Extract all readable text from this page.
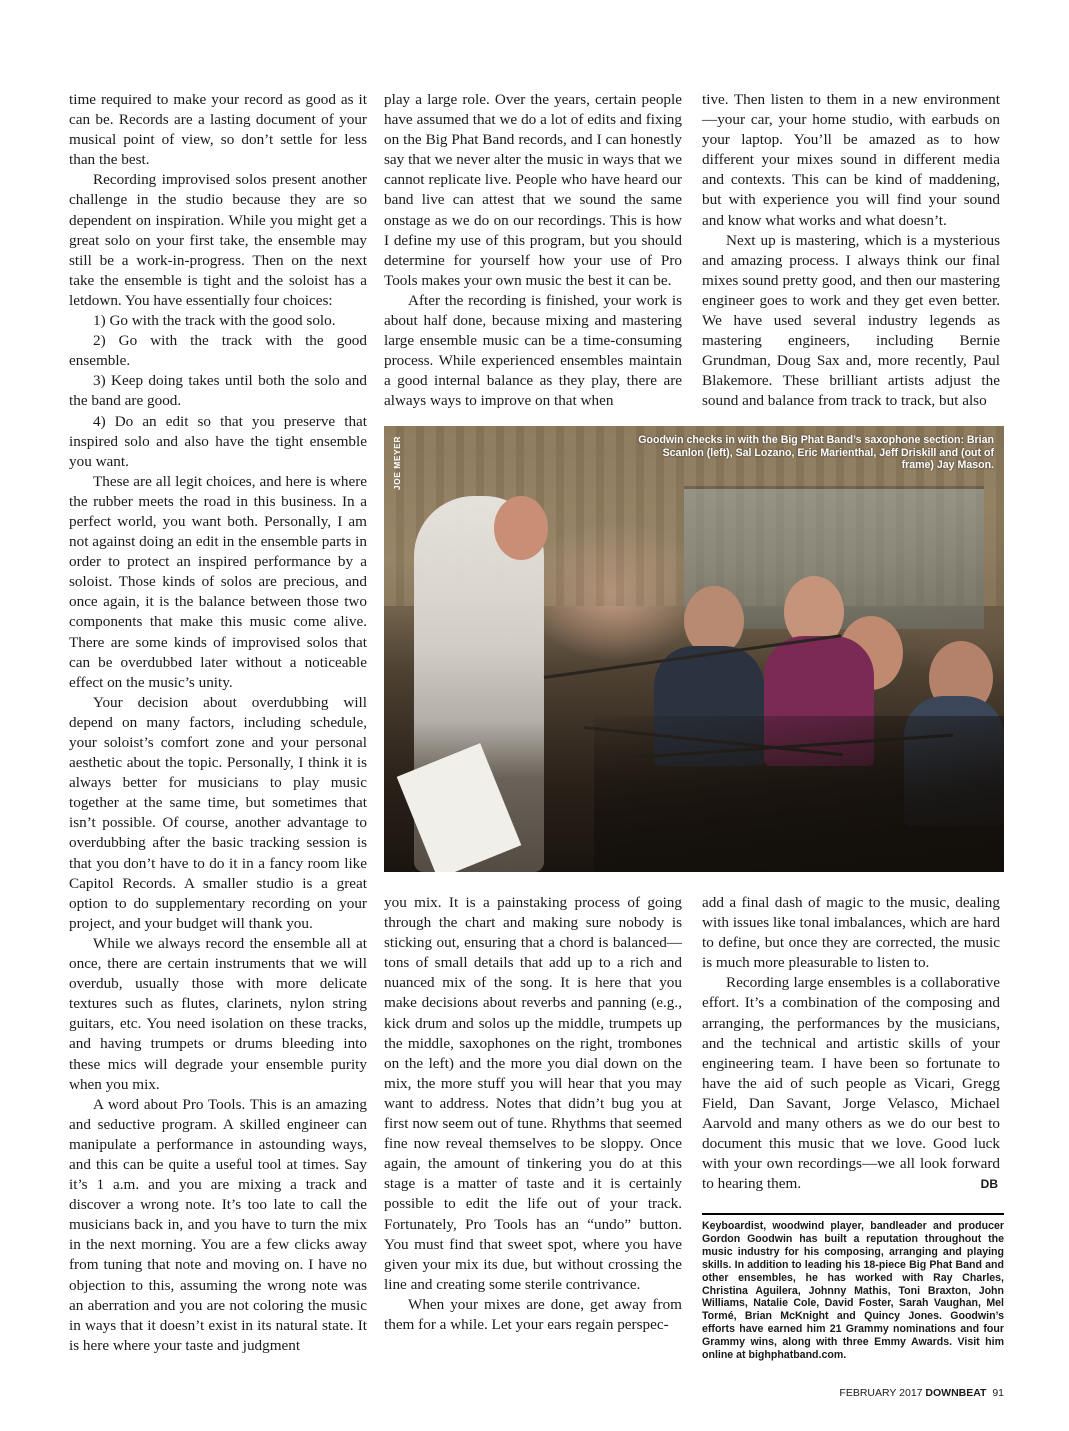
time required to make your record as good as it can be. Records are a lasting document of your musical point of view, so don’t settle for less than the best.

Recording improvised solos present another challenge in the studio because they are so dependent on inspiration. While you might get a great solo on your first take, the ensemble may still be a work-in-progress. Then on the next take the ensemble is tight and the soloist has a letdown. You have essentially four choices:

1) Go with the track with the good solo.

2) Go with the track with the good ensemble.

3) Keep doing takes until both the solo and the band are good.

4) Do an edit so that you preserve that inspired solo and also have the tight ensemble you want.

These are all legit choices, and here is where the rubber meets the road in this business. In a perfect world, you want both. Personally, I am not against doing an edit in the ensemble parts in order to protect an inspired performance by a soloist. Those kinds of solos are precious, and once again, it is the balance between those two components that make this music come alive. There are some kinds of improvised solos that can be overdubbed later without a noticeable effect on the music’s unity.

Your decision about overdubbing will depend on many factors, including schedule, your soloist’s comfort zone and your personal aesthetic about the topic. Personally, I think it is always better for musicians to play music together at the same time, but sometimes that isn’t possible. Of course, another advantage to overdubbing after the basic tracking session is that you don’t have to do it in a fancy room like Capitol Records. A smaller studio is a great option to do supplementary recording on your project, and your budget will thank you.

While we always record the ensemble all at once, there are certain instruments that we will overdub, usually those with more delicate textures such as flutes, clarinets, nylon string guitars, etc. You need isolation on these tracks, and having trumpets or drums bleeding into these mics will degrade your ensemble purity when you mix.

A word about Pro Tools. This is an amazing and seductive program. A skilled engineer can manipulate a performance in astounding ways, and this can be quite a useful tool at times. Say it’s 1 a.m. and you are mixing a track and discover a wrong note. It’s too late to call the musicians back in, and you have to turn the mix in the next morning. You are a few clicks away from tuning that note and moving on. I have no objection to this, assuming the wrong note was an aberration and you are not coloring the music in ways that it doesn’t exist in its natural state. It is here where your taste and judgment

play a large role. Over the years, certain people have assumed that we do a lot of edits and fixing on the Big Phat Band records, and I can honestly say that we never alter the music in ways that we cannot replicate live. People who have heard our band live can attest that we sound the same onstage as we do on our recordings. This is how I define my use of this program, but you should determine for yourself how your use of Pro Tools makes your own music the best it can be.

After the recording is finished, your work is about half done, because mixing and mastering large ensemble music can be a time-consuming process. While experienced ensembles maintain a good internal balance as they play, there are always ways to improve on that when

tive. Then listen to them in a new environment—your car, your home studio, with earbuds on your laptop. You’ll be amazed as to how different your mixes sound in different media and contexts. This can be kind of maddening, but with experience you will find your sound and know what works and what doesn’t.

Next up is mastering, which is a mysterious and amazing process. I always think our final mixes sound pretty good, and then our mastering engineer goes to work and they get even better. We have used several industry legends as mastering engineers, including Bernie Grundman, Doug Sax and, more recently, Paul Blakemore. These brilliant artists adjust the sound and balance from track to track, but also

JOE MEYER	Goodwin checks in with the Big Phat Band’s saxophone section: Brian Scanlon (left), Sal Lozano, Eric Marienthal, Jeff Driskill and (out of frame) Jay Mason.

you mix. It is a painstaking process of going through the chart and making sure nobody is sticking out, ensuring that a chord is balanced—tons of small details that add up to a rich and nuanced mix of the song. It is here that you make decisions about reverbs and panning (e.g., kick drum and solos up the middle, trumpets up the middle, saxophones on the right, trombones on the left) and the more you dial down on the mix, the more stuff you will hear that you may want to address. Notes that didn’t bug you at first now seem out of tune. Rhythms that seemed fine now reveal themselves to be sloppy. Once again, the amount of tinkering you do at this stage is a matter of taste and it is certainly possible to edit the life out of your track. Fortunately, Pro Tools has an “undo” button. You must find that sweet spot, where you have given your mix its due, but without crossing the line and creating some sterile contrivance.

When your mixes are done, get away from them for a while. Let your ears regain perspec-

add a final dash of magic to the music, dealing with issues like tonal imbalances, which are hard to define, but once they are corrected, the music is much more pleasurable to listen to.

Recording large ensembles is a collaborative effort. It’s a combination of the composing and arranging, the performances by the musicians, and the technical and artistic skills of your engineering team. I have been so fortunate to have the aid of such people as Vicari, Gregg Field, Dan Savant, Jorge Velasco, Michael Aarvold and many others as we do our best to document this music that we love. Good luck with your own recordings—we all look forward to hearing them.	DB

Keyboardist, woodwind player, bandleader and producer Gordon Goodwin has built a reputation throughout the music industry for his composing, arranging and playing skills. In addition to leading his 18-piece Big Phat Band and other ensembles, he has worked with Ray Charles, Christina Aguilera, Johnny Mathis, Toni Braxton, John Williams, Natalie Cole, David Foster, Sarah Vaughan, Mel Tormé, Brian McKnight and Quincy Jones. Goodwin’s efforts have earned him 21 Grammy nominations and four Grammy wins, along with three Emmy Awards. Visit him online at bighphatband.com.
FEBRUARY 2017 DOWNBEAT 91
